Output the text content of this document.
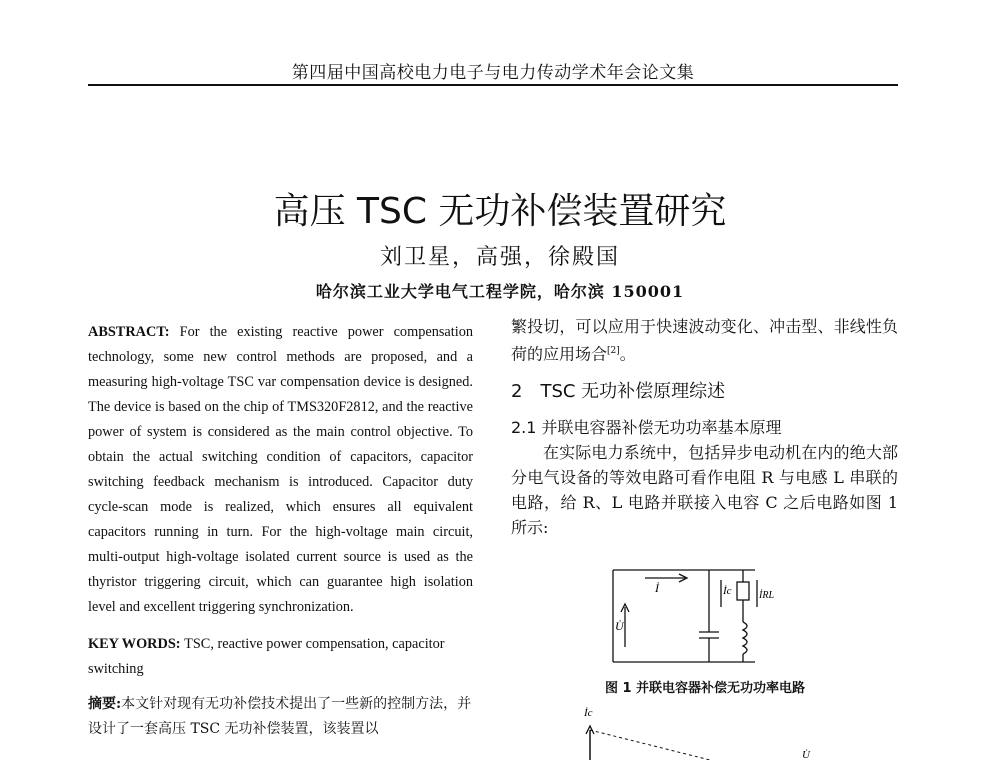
第四届中国高校电力电子与电力传动学术年会论文集
高压 TSC 无功补偿装置研究
刘卫星，高强，徐殿国
哈尔滨工业大学电气工程学院，哈尔滨 150001

ABSTRACT: For the existing reactive power compensation technology, some new control methods are proposed, and a measuring high-voltage TSC var compensation device is designed. The device is based on the chip of TMS320F2812, and the reactive power of system is considered as the main control objective. To obtain the actual switching condition of capacitors, capacitor switching feedback mechanism is introduced. Capacitor duty cycle-scan mode is realized, which ensures all equivalent capacitors running in turn. For the high-voltage main circuit, multi-output high-voltage isolated current source is used as the thyristor triggering circuit, which can guarantee high isolation level and excellent triggering synchronization.

KEY WORDS: TSC, reactive power compensation, capacitor switching

摘要:本文针对现有无功补偿技术提出了一些新的控制方法，并设计了一套高压 TSC 无功补偿装置，该装置以

繁投切，可以应用于快速波动变化、冲击型、非线性负荷的应用场合[2]。

2　TSC 无功补偿原理综述
2.1 并联电容器补偿无功功率基本原理

在实际电力系统中，包括异步电动机在内的绝大部分电气设备的等效电路可看作电阻 R 与电感 L 串联的电路，给 R、L 电路并联接入电容 C 之后电路如图 1 所示:

İ
U̇
İc	İRL
图 1 并联电容器补偿无功功率电路
İc
U̇
